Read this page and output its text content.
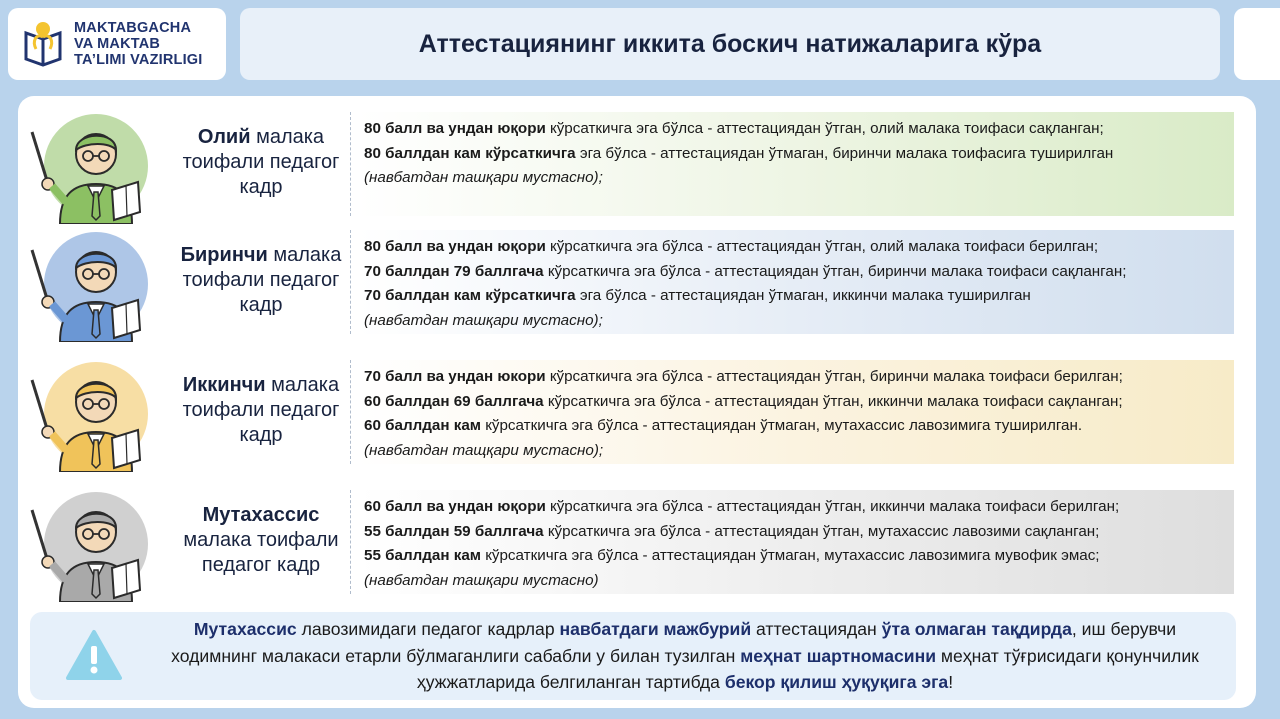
MAKTABGACHA
VA MAKTAB
TA’LIMI VAZIRLIGI
Аттестациянинг иккита боскич натижаларига кўра
Олий малака тоифали педагог кадр

80 балл ва ундан юқори кўрсаткичга эга бўлса - аттестациядан ўтган, олий малака тоифаси сақланган;

80 баллдан кам кўрсаткичга эга бўлса - аттестациядан ўтмаган, биринчи малака тоифасига туширилган

(навбатдан ташқари мустасно);

Биринчи малака тоифали педагог кадр

80 балл ва ундан юқори кўрсаткичга эга бўлса - аттестациядан ўтган, олий малака тоифаси берилган;

70 баллдан 79 баллгача кўрсаткичга эга бўлса - аттестациядан ўтган, биринчи малака тоифаси сақланган;

70 баллдан кам кўрсаткичга эга бўлса - аттестациядан ўтмаган, иккинчи малака туширилган

(навбатдан ташқари мустасно);

Иккинчи малака тоифали педагог кадр

70 балл ва ундан юкори кўрсаткичга эга бўлса - аттестациядан ўтган, биринчи малака тоифаси берилган;

60 баллдан 69 баллгача кўрсаткичга эга бўлса - аттестациядан ўтган, иккинчи малака тоифаси сақланган;

60 баллдан кам кўрсаткичга эга бўлса - аттестациядан ўтмаган, мутахассис лавозимига туширилган.

(навбатдан тащқари мустасно);

Мутахассис малака тоифали педагог кадр

60 балл ва ундан юқори кўрсаткичга эга бўлса - аттестациядан ўтган, иккинчи малака тоифаси берилган;

55 баллдан 59 баллгача кўрсаткичга эга бўлса - аттестациядан ўтган, мутахассис лавозими сақланган;

55 баллдан кам кўрсаткичга эга бўлса - аттестациядан ўтмаган, мутахассис лавозимига мувофик эмас;

(навбатдан ташқари мустасно)

Мутахассис лавозимидаги педагог кадрлар навбатдаги мажбурий аттестациядан ўта олмаган тақдирда, иш берувчи ходимнинг малакаси етарли бўлмаганлиги сабабли у билан тузилган меҳнат шартномасини меҳнат тўғрисидаги қонунчилик ҳужжатларида белгиланган тартибда бекор қилиш ҳуқуқига эга!
